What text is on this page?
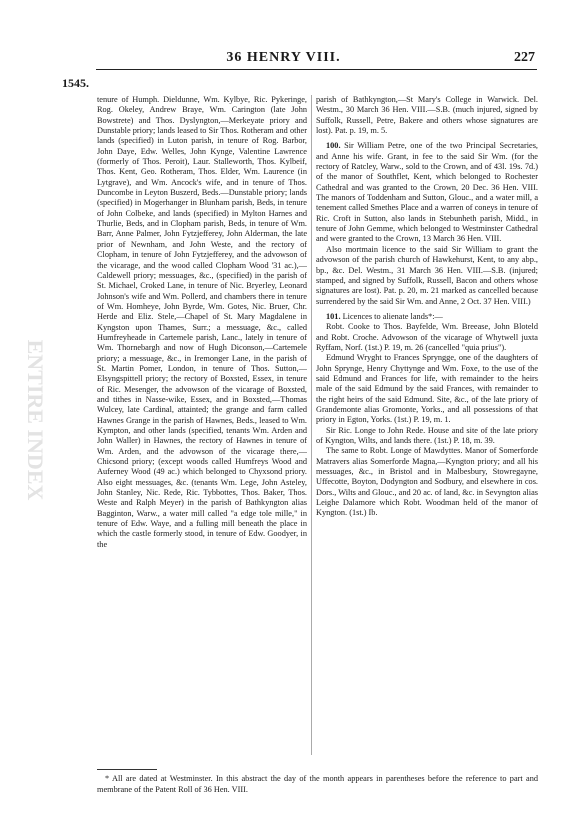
36 HENRY VIII.	227
1545.
ENTIRE INDEX

tenure of Humph. Dieldunne, Wm. Kylbye, Ric. Pykeringe, Rog. Okeley, Andrew Braye, Wm. Carington (late John Bowstrete) and Thos. Dyslyngton,—Merkeyate priory and Dunstable priory; lands leased to Sir Thos. Rotheram and other lands (specified) in Luton parish, in tenure of Rog. Barbor, John Daye, Edw. Welles, John Kynge, Valentine Lawrence (formerly of Thos. Peroit), Laur. Stalleworth, Thos. Kylbeif, Thos. Kent, Geo. Rotheram, Thos. Elder, Wm. Laurence (in Lytgrave), and Wm. Ancock's wife, and in tenure of Thos. Duncombe in Leyton Buszerd, Beds.—Dunstable priory; lands (specified) in Mogerhanger in Blunham parish, Beds, in tenure of John Colbeke, and lands (specified) in Mylton Harnes and Thurlie, Beds, and in Clopham parish, Beds, in tenure of Wm. Barr, Anne Palmer, John Fytzjefferey, John Alderman, the late prior of Newnham, and John Weste, and the rectory of Clopham, in tenure of John Fytzjefferey, and the advowson of the vicarage, and the wood called Clopham Wood '31 ac.),—Caldewell priory; messuages, &c., (specified) in the parish of St. Michael, Croked Lane, in tenure of Nic. Bryerley, Leonard Johnson's wife and Wm. Pollerd, and chambers there in tenure of Wm. Homheye, John Byrde, Wm. Gotes, Nic. Bruer, Chr. Herde and Eliz. Stele,—Chapel of St. Mary Magdalene in Kyngston upon Thames, Surr.; a messuage, &c., called Humfreyheade in Cartemele parish, Lanc., lately in tenure of Wm. Thornebargh and now of Hugh Diconson,—Cartemele priory; a messuage, &c., in Iremonger Lane, in the parish of St. Martin Pomer, London, in tenure of Thos. Sutton,—Elsyngspittell priory; the rectory of Boxsted, Essex, in tenure of Ric. Mesenger, the advowson of the vicarage of Boxsted, and tithes in Nasse-wike, Essex, and in Boxsted,—Thomas Wulcey, late Cardinal, attainted; the grange and farm called Hawnes Grange in the parish of Hawnes, Beds., leased to Wm. Kympton, and other lands (specified, tenants Wm. Arden and John Waller) in Hawnes, the rectory of Hawnes in tenure of Wm. Arden, and the advowson of the vicarage there,—Chicsond priory; (except woods called Humfreys Wood and Auferney Wood (49 ac.) which belonged to Chyxsond priory. Also eight messuages, &c. (tenants Wm. Lege, John Asteley, John Stanley, Nic. Rede, Ric. Tybbottes, Thos. Baker, Thos. Weste and Ralph Meyer) in the parish of Bathkyngton alias Bagginton, Warw., a water mill called "a edge tole mille," in tenure of Edw. Waye, and a fulling mill beneath the place in which the castle formerly stood, in tenure of Edw. Goodyer, in the

parish of Bathkyngton,—St Mary's College in Warwick. Del. Westm., 30 March 36 Hen. VIII.—S.B. (much injured, signed by Suffolk, Russell, Petre, Bakere and others whose signatures are lost). Pat. p. 19, m. 5.

100. Sir William Petre, one of the two Principal Secretaries, and Anne his wife. Grant, in fee to the said Sir Wm. (for the rectory of Ratcley, Warw., sold to the Crown, and of 43l. 19s. 7d.) of the manor of Southflet, Kent, which belonged to Rochester Cathedral and was granted to the Crown, 20 Dec. 36 Hen. VIII. The manors of Toddenham and Sutton, Glouc., and a water mill, a tenement called Smethes Place and a warren of coneys in tenure of Ric. Croft in Sutton, also lands in Stebunheth parish, Midd., in tenure of John Gemme, which belonged to Westminster Cathedral and were granted to the Crown, 13 March 36 Hen. VIII.

Also mortmain licence to the said Sir William to grant the advowson of the parish church of Hawkehurst, Kent, to any abp., bp., &c. Del. Westm., 31 March 36 Hen. VIII.—S.B. (injured; stamped, and signed by Suffolk, Russell, Bacon and others whose signatures are lost). Pat. p. 20, m. 21 marked as cancelled because surrendered by the said Sir Wm. and Anne, 2 Oct. 37 Hen. VIII.)

101. Licences to alienate lands*:—

Robt. Cooke to Thos. Bayfelde, Wm. Breease, John Bloteld and Robt. Croche. Advowson of the vicarage of Whytwell juxta Ryffam, Norf. (1st.) P. 19, m. 26 (cancelled "quia prius").

Edmund Wryght to Frances Spryngge, one of the daughters of John Sprynge, Henry Chyttynge and Wm. Foxe, to the use of the said Edmund and Frances for life, with remainder to the heirs male of the said Edmund by the said Frances, with remainder to the right heirs of the said Edmund. Site, &c., of the late priory of Grandemonte alias Gromonte, Yorks., and all possessions of that priory in Egton, Yorks. (1st.) P. 19, m. 1.

Sir Ric. Longe to John Rede. House and site of the late priory of Kyngton, Wilts, and lands there. (1st.) P. 18, m. 39.

The same to Robt. Longe of Mawdyttes. Manor of Somerforde Matravers alias Somerforde Magna,—Kyngton priory; and all his messuages, &c., in Bristol and in Malbesbury, Stowregayne, Uffecotte, Boyton, Dodyngton and Sodbury, and elsewhere in cos. Dors., Wilts and Glouc., and 20 ac. of land, &c. in Sevyngton alias Leighe Dalamore which Robt. Woodman held of the manor of Kyngton. (1st.) Ib.

* All are dated at Westminster. In this abstract the day of the month appears in parentheses before the reference to part and membrane of the Patent Roll of 36 Hen. VIII.
